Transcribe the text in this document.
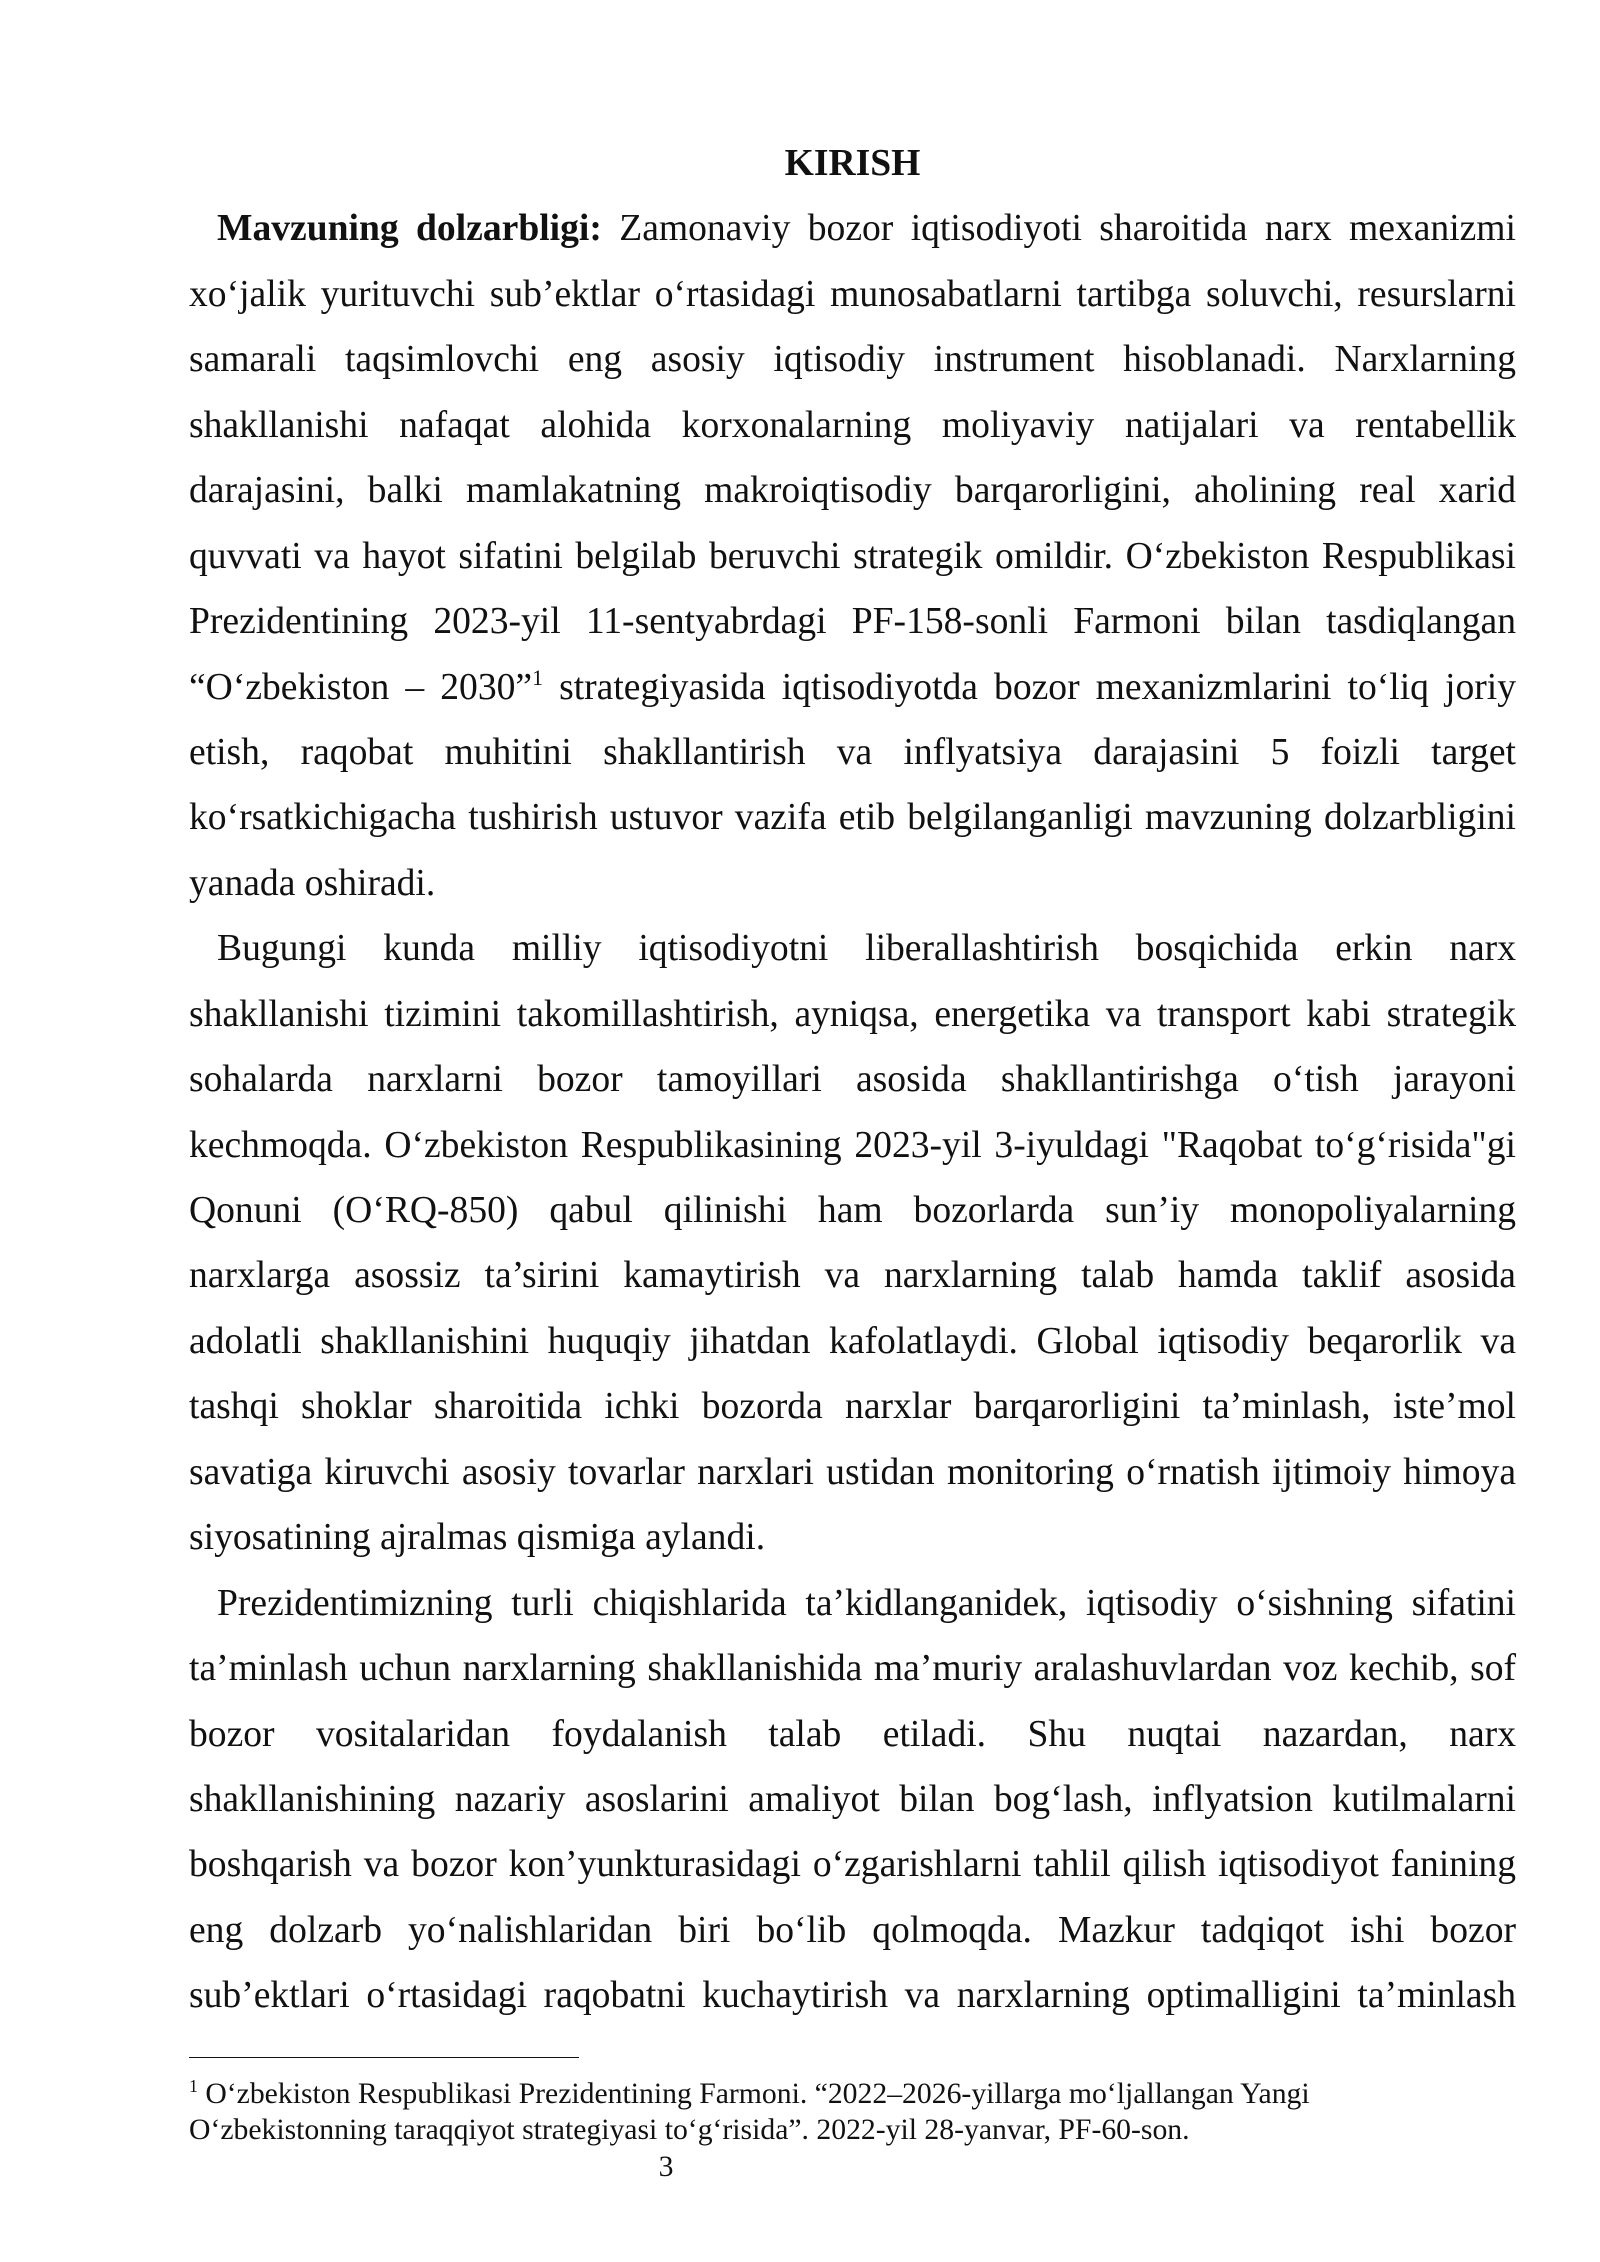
KIRISH
Mavzuning dolzarbligi: Zamonaviy bozor iqtisodiyoti sharoitida narx mexanizmi
xo‘jalik yurituvchi sub’ektlar o‘rtasidagi munosabatlarni tartibga soluvchi, resurslarni
samarali taqsimlovchi eng asosiy iqtisodiy instrument hisoblanadi. Narxlarning
shakllanishi nafaqat alohida korxonalarning moliyaviy natijalari va rentabellik
darajasini, balki mamlakatning makroiqtisodiy barqarorligini, aholining real xarid
quvvati va hayot sifatini belgilab beruvchi strategik omildir. O‘zbekiston Respublikasi
Prezidentining 2023-yil 11-sentyabrdagi PF-158-sonli Farmoni bilan tasdiqlangan
“O‘zbekiston – 2030”$^1$ strategiyasida iqtisodiyotda bozor mexanizmlarini to‘liq joriy
etish, raqobat muhitini shakllantirish va inflyatsiya darajasini 5 foizli target
ko‘rsatkichigacha tushirish ustuvor vazifa etib belgilanganligi mavzuning dolzarbligini
yanada oshiradi.
Bugungi kunda milliy iqtisodiyotni liberallashtirish bosqichida erkin narx
shakllanishi tizimini takomillashtirish, ayniqsa, energetika va transport kabi strategik
sohalarda narxlarni bozor tamoyillari asosida shakllantirishga o‘tish jarayoni
kechmoqda. O‘zbekiston Respublikasining 2023-yil 3-iyuldagi "Raqobat to‘g‘risida"gi
Qonuni (O‘RQ-850) qabul qilinishi ham bozorlarda sun’iy monopoliyalarning
narxlarga asossiz ta’sirini kamaytirish va narxlarning talab hamda taklif asosida
adolatli shakllanishini huquqiy jihatdan kafolatlaydi. Global iqtisodiy beqarorlik va
tashqi shoklar sharoitida ichki bozorda narxlar barqarorligini ta’minlash, iste’mol
savatiga kiruvchi asosiy tovarlar narxlari ustidan monitoring o‘rnatish ijtimoiy himoya
siyosatining ajralmas qismiga aylandi.
Prezidentimizning turli chiqishlarida ta’kidlanganidek, iqtisodiy o‘sishning sifatini
ta’minlash uchun narxlarning shakllanishida ma’muriy aralashuvlardan voz kechib, sof
bozor vositalaridan foydalanish talab etiladi. Shu nuqtai nazardan, narx
shakllanishining nazariy asoslarini amaliyot bilan bog‘lash, inflyatsion kutilmalarni
boshqarish va bozor kon’yunkturasidagi o‘zgarishlarni tahlil qilish iqtisodiyot fanining
eng dolzarb yo‘nalishlaridan biri bo‘lib qolmoqda. Mazkur tadqiqot ishi bozor
sub’ektlari o‘rtasidagi raqobatni kuchaytirish va narxlarning optimalligini ta’minlash
$^1$ O‘zbekiston Respublikasi Prezidentining Farmoni. “2022–2026-yillarga mo‘ljallangan Yangi
O‘zbekistonning taraqqiyot strategiyasi to‘g‘risida”. 2022-yil 28-yanvar, PF-60-son.
3
